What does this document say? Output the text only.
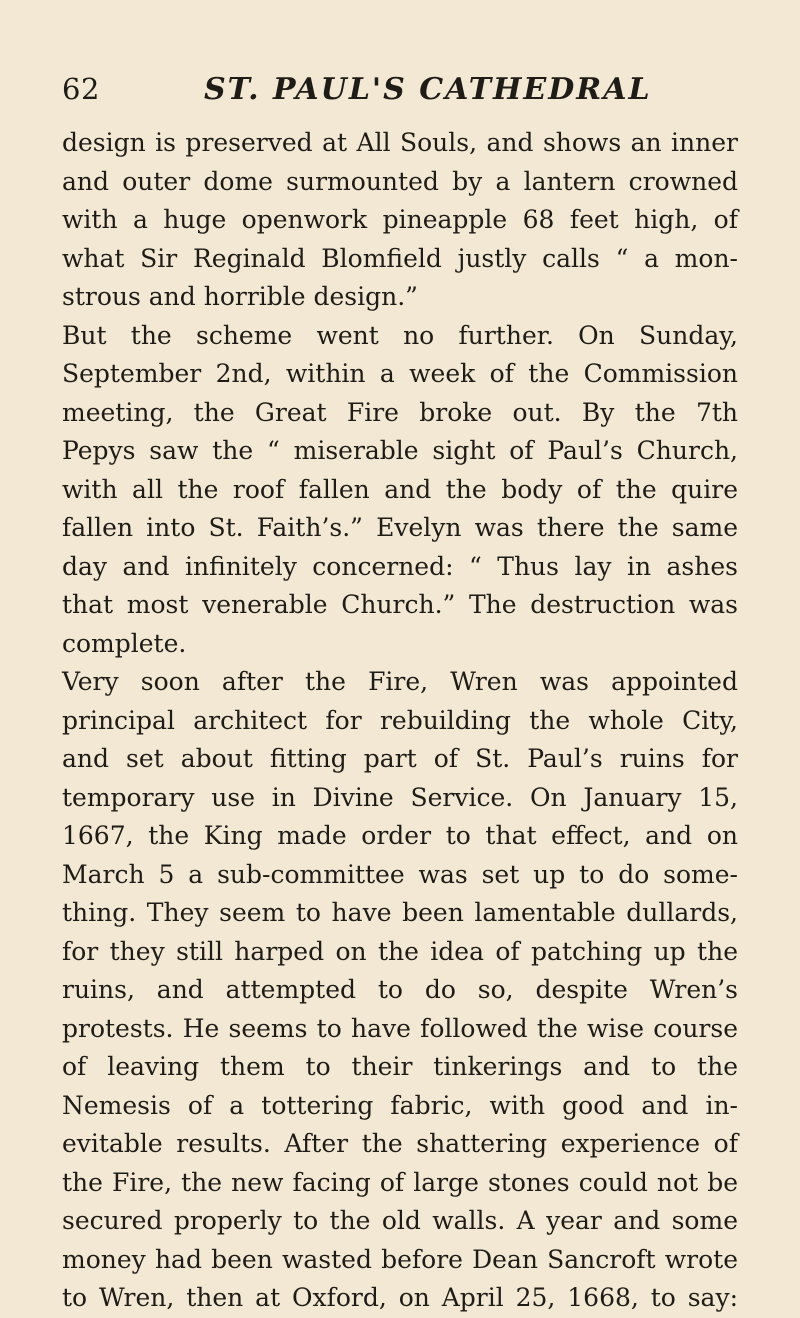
62	ST. PAUL'S CATHEDRAL
design is preserved at All Souls, and shows an inner
and outer dome surmounted by a lantern crowned
with a huge openwork pineapple 68 feet high, of
what Sir Reginald Blomfield justly calls “ a mon-
strous and horrible design.”
But the scheme went no further. On Sunday,
September 2nd, within a week of the Commission
meeting, the Great Fire broke out. By the 7th
Pepys saw the “ miserable sight of Paul’s Church,
with all the roof fallen and the body of the quire
fallen into St. Faith’s.” Evelyn was there the same
day and infinitely concerned: “ Thus lay in ashes
that most venerable Church.” The destruction was
complete.
Very soon after the Fire, Wren was appointed
principal architect for rebuilding the whole City,
and set about fitting part of St. Paul’s ruins for
temporary use in Divine Service. On January 15,
1667, the King made order to that effect, and on
March 5 a sub-committee was set up to do some-
thing. They seem to have been lamentable dullards,
for they still harped on the idea of patching up the
ruins, and attempted to do so, despite Wren’s
protests. He seems to have followed the wise course
of leaving them to their tinkerings and to the
Nemesis of a tottering fabric, with good and in-
evitable results. After the shattering experience of
the Fire, the new facing of large stones could not be
secured properly to the old walls. A year and some
money had been wasted before Dean Sancroft wrote
to Wren, then at Oxford, on April 25, 1668, to say:
